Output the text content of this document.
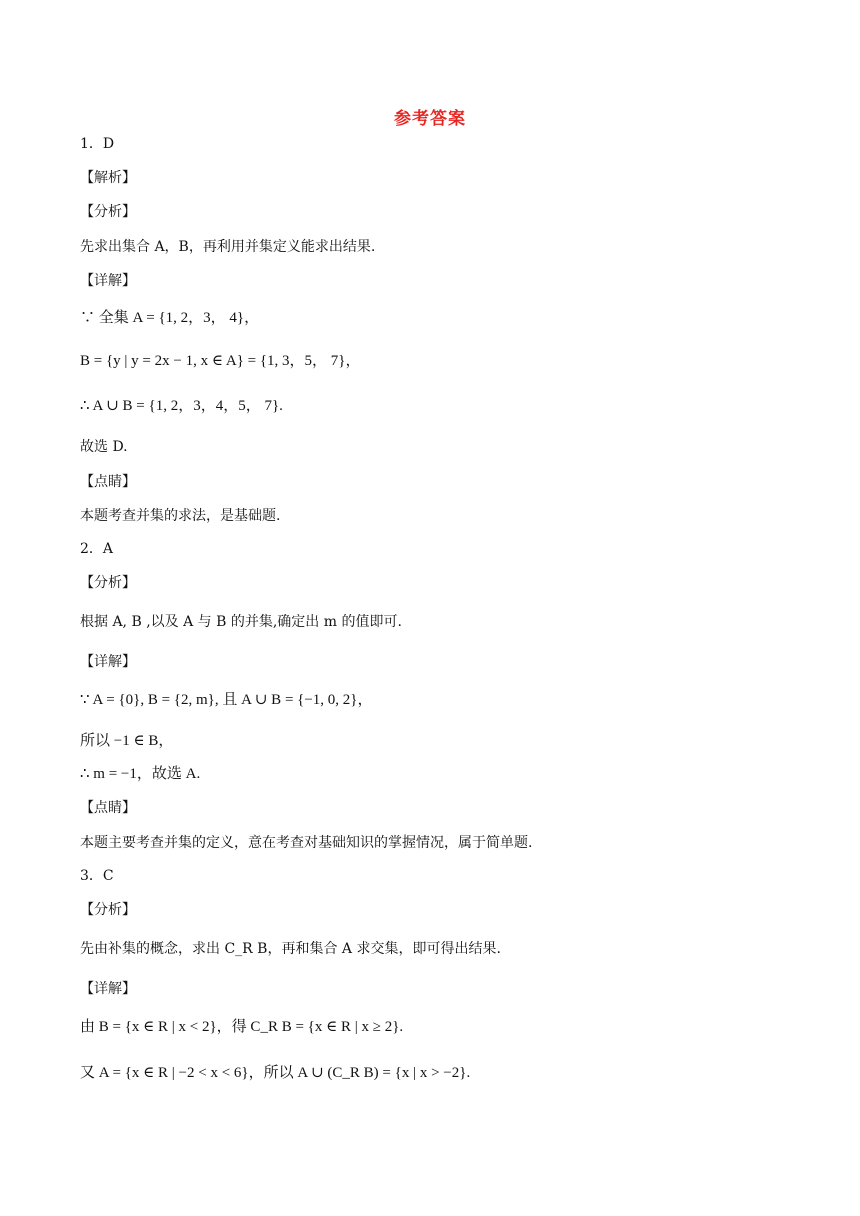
参考答案
1．D
【解析】
【分析】
先求出集合 A，B，再利用并集定义能求出结果.
【详解】
∵ 全集 A = {1, 2，3， 4}，
B = {y | y = 2x − 1, x ∈ A} = {1, 3，5， 7}，
∴ A ∪ B = {1, 2，3，4，5， 7}.
故选 D.
【点睛】
本题考查并集的求法，是基础题.
2．A
【分析】
根据 A, B ,以及 A 与 B 的并集,确定出 m 的值即可.
【详解】
∵ A = {0}, B = {2, m}, 且 A ∪ B = {−1, 0, 2}，
所以 −1 ∈ B，
∴ m = −1，故选 A.
【点睛】
本题主要考查并集的定义，意在考查对基础知识的掌握情况，属于简单题.
3．C
【分析】
先由补集的概念，求出 C_R B，再和集合 A 求交集，即可得出结果.
【详解】
由 B = {x ∈ R | x < 2}，得 C_R B = {x ∈ R | x ≥ 2}.
又 A = {x ∈ R | −2 < x < 6}，所以 A ∪ (C_R B) = {x | x > −2}.
